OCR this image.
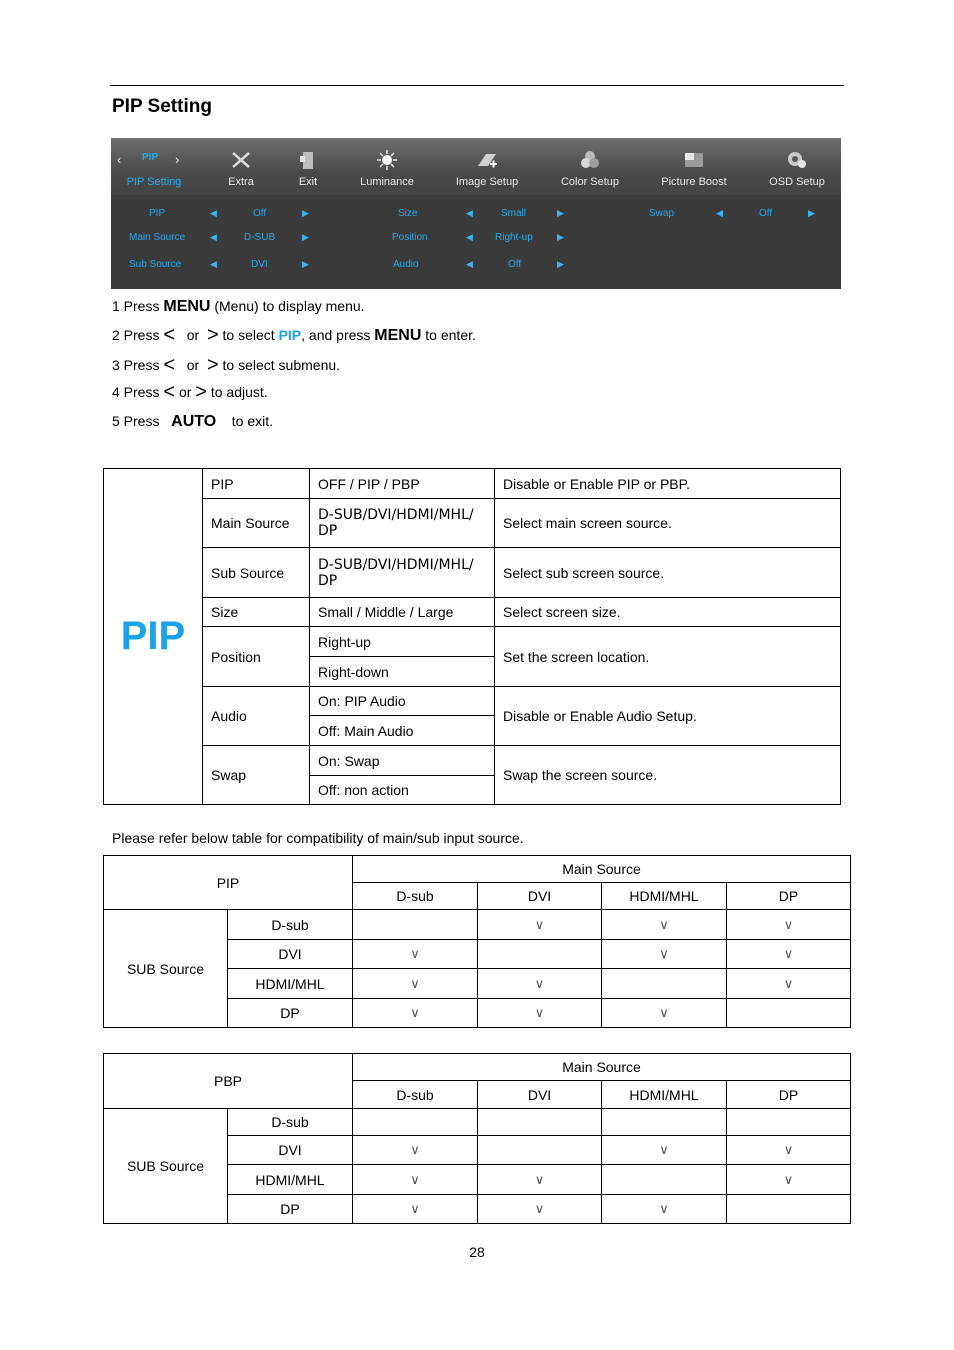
PIP Setting
‹ PIP ›
PIP Setting	Extra	Exit	Luminance	Image Setup	Color Setup	Picture Boost	OSD Setup
PIP	◀	Off	▶
Main Source	◀	D-SUB	▶
Sub Source	◀	DVI	▶
Size	◀	Small	▶
Position	◀ Right-up	▶
Audio	◀	Off	▶
Swap	◀	Off	▶
1 Press MENU (Menu) to display menu.
2 Press < or > to select PIP, and press MENU to enter.
3 Press < or > to select submenu.
4 Press < or > to adjust.
5 Press   AUTO to exit.
PIP	PIP	OFF / PIP / PBP	Disable or Enable PIP or PBP.
	Main Source	D-SUB/DVI/HDMI/MHL/ DP	Select main screen source.
	Sub Source	D-SUB/DVI/HDMI/MHL/ DP	Select sub screen source.
	Size	Small / Middle / Large	Select screen size.
	Position	Right-up	Set the screen location.
		Right-down	
	Audio	On: PIP Audio	Disable or Enable Audio Setup.
		Off: Main Audio	
	Swap	On: Swap	Swap the screen source.
		Off: non action	
Please refer below table for compatibility of main/sub input source.
PIP		Main Source			
		D-sub	DVI	HDMI/MHL	DP
SUB Source	D-sub		∨	∨	∨
	DVI	∨		∨	∨
	HDMI/MHL	∨	∨		∨
	DP	∨	∨	∨	
PBP		Main Source			
		D-sub	DVI	HDMI/MHL	DP
SUB Source	D-sub				
	DVI	∨		∨	∨
	HDMI/MHL	∨	∨		∨
	DP	∨	∨	∨	
28
